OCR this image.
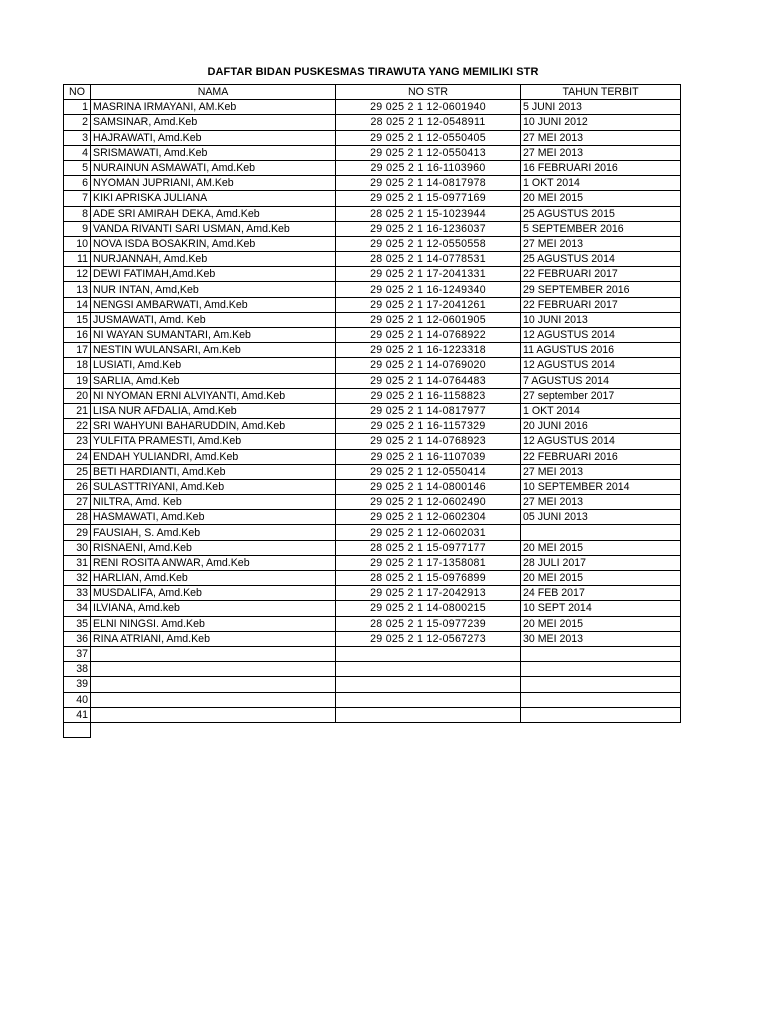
DAFTAR BIDAN PUSKESMAS TIRAWUTA YANG MEMILIKI STR
NO	NAMA	NO STR	TAHUN TERBIT
1	MASRINA IRMAYANI, AM.Keb	29 025 2 1 12-0601940	5 JUNI 2013
2	SAMSINAR, Amd.Keb	28 025 2 1 12-0548911	10 JUNI 2012
3	HAJRAWATI, Amd.Keb	29 025 2 1 12-0550405	27 MEI 2013
4	SRISMAWATI, Amd.Keb	29 025 2 1 12-0550413	27 MEI 2013
5	NURAINUN ASMAWATI, Amd.Keb	29 025 2 1 16-1103960	16 FEBRUARI 2016
6	NYOMAN JUPRIANI, AM.Keb	29 025 2 1 14-0817978	1 OKT 2014
7	KIKI APRISKA JULIANA	29 025 2 1 15-0977169	20 MEI 2015
8	ADE SRI AMIRAH DEKA, Amd.Keb	28 025 2 1 15-1023944	25 AGUSTUS 2015
9	VANDA RIVANTI SARI USMAN, Amd.Keb	29 025 2 1 16-1236037	5 SEPTEMBER 2016
10	NOVA ISDA BOSAKRIN, Amd.Keb	29 025 2 1 12-0550558	27 MEI 2013
11	NURJANNAH, Amd.Keb	28 025 2 1 14-0778531	25 AGUSTUS 2014
12	DEWI FATIMAH,Amd.Keb	29 025 2 1 17-2041331	22 FEBRUARI 2017
13	NUR INTAN, Amd,Keb	29 025 2 1 16-1249340	29 SEPTEMBER 2016
14	NENGSI AMBARWATI, Amd.Keb	29 025 2 1 17-2041261	22 FEBRUARI 2017
15	JUSMAWATI, Amd. Keb	29 025 2 1 12-0601905	10 JUNI 2013
16	NI WAYAN SUMANTARI, Am.Keb	29 025 2 1 14-0768922	12 AGUSTUS 2014
17	NESTIN WULANSARI, Am.Keb	29 025 2 1 16-1223318	11 AGUSTUS 2016
18	LUSIATI, Amd.Keb	29 025 2 1 14-0769020	12 AGUSTUS 2014
19	SARLIA, Amd.Keb	29 025 2 1 14-0764483	7 AGUSTUS 2014
20	NI NYOMAN ERNI ALVIYANTI, Amd.Keb	29 025 2 1 16-1158823	27 september 2017
21	LISA NUR AFDALIA, Amd.Keb	29 025 2 1 14-0817977	1 OKT 2014
22	SRI WAHYUNI BAHARUDDIN, Amd.Keb	29 025 2 1 16-1157329	20 JUNI 2016
23	YULFITA PRAMESTI, Amd.Keb	29 025 2 1 14-0768923	12 AGUSTUS 2014
24	ENDAH YULIANDRI, Amd.Keb	29 025 2 1 16-1107039	22 FEBRUARI 2016
25	BETI HARDIANTI, Amd.Keb	29 025 2 1 12-0550414	27 MEI 2013
26	SULASTTRIYANI, Amd.Keb	29 025 2 1 14-0800146	10 SEPTEMBER 2014
27	NILTRA, Amd. Keb	29 025 2 1 12-0602490	27 MEI 2013
28	HASMAWATI, Amd.Keb	29 025 2 1 12-0602304	05 JUNI 2013
29	FAUSIAH, S. Amd.Keb	29 025 2 1 12-0602031	
30	RISNAENI, Amd.Keb	28 025 2 1 15-0977177	20 MEI 2015
31	RENI ROSITA ANWAR, Amd.Keb	29 025 2 1 17-1358081	28 JULI 2017
32	HARLIAN, Amd.Keb	28 025 2 1 15-0976899	20 MEI 2015
33	MUSDALIFA, Amd.Keb	29 025 2 1 17-2042913	24 FEB 2017
34	ILVIANA, Amd.keb	29 025 2 1 14-0800215	10 SEPT 2014
35	ELNI NINGSI. Amd.Keb	28 025 2 1 15-0977239	20 MEI 2015
36	RINA ATRIANI, Amd.Keb	29 025 2 1 12-0567273	30 MEI 2013
37			
38			
39			
40			
41			
